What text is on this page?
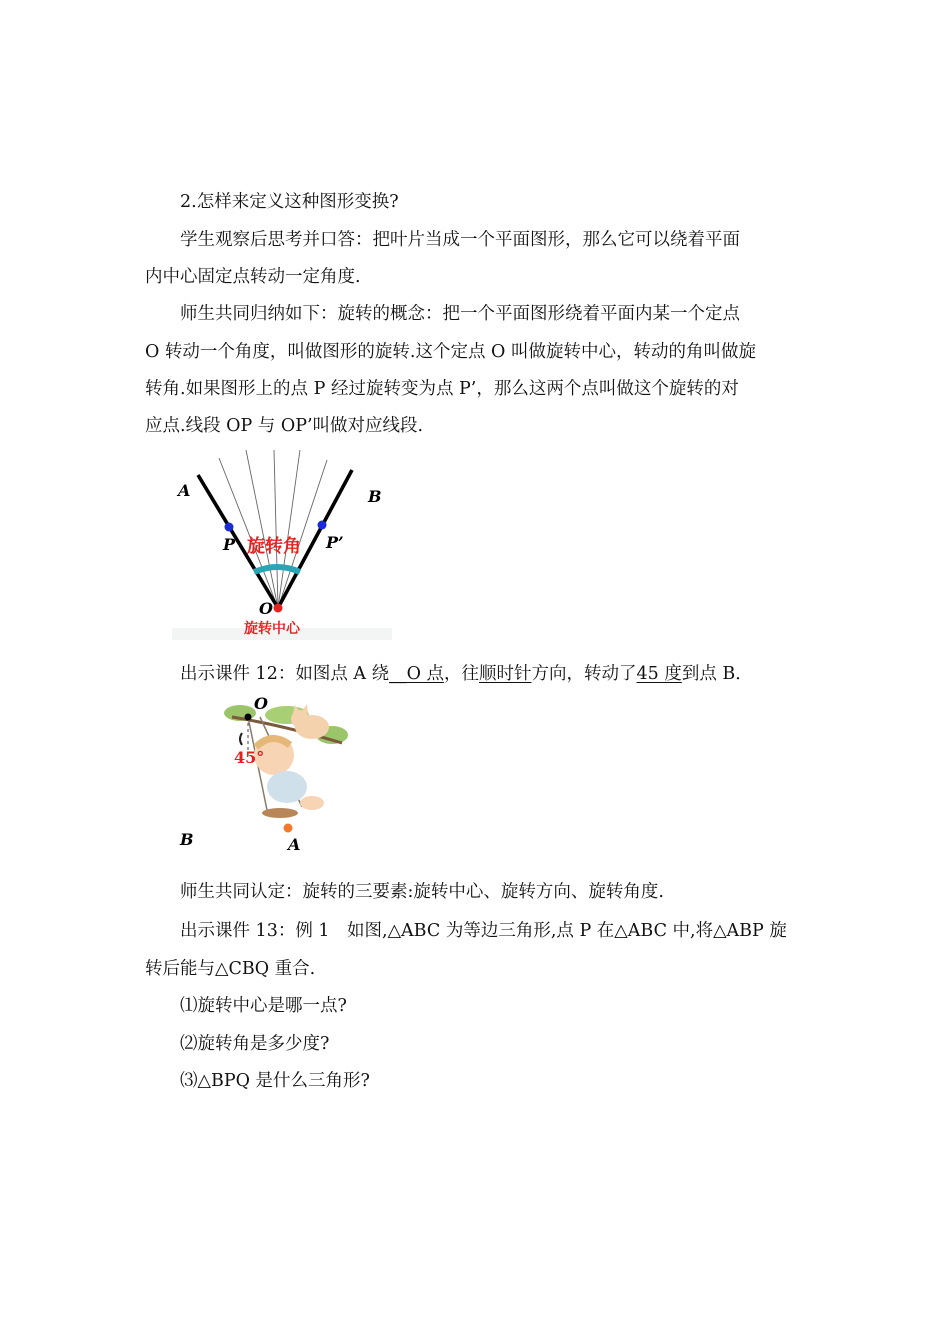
2.怎样来定义这种图形变换?

学生观察后思考并口答：把叶片当成一个平面图形，那么它可以绕着平面

内中心固定点转动一定角度.

师生共同归纳如下：旋转的概念：把一个平面图形绕着平面内某一个定点

O 转动一个角度，叫做图形的旋转.这个定点 O 叫做旋转中心，转动的角叫做旋

转角.如果图形上的点 P 经过旋转变为点 P’，那么这两个点叫做这个旋转的对

应点.线段 OP 与 OP’叫做对应线段.

A	B
P	P’
O
旋转角
旋转中心

出示课件 12：如图点 A 绕__O 点，往顺时针方向，转动了45 度到点 B．

O
45°
A
B

师生共同认定：旋转的三要素:旋转中心、旋转方向、旋转角度.

出示课件 13：例 1　如图,△ABC 为等边三角形,点 P 在△ABC 中,将△ABP 旋

转后能与△CBQ 重合.

⑴旋转中心是哪一点?

⑵旋转角是多少度?

⑶△BPQ 是什么三角形?
